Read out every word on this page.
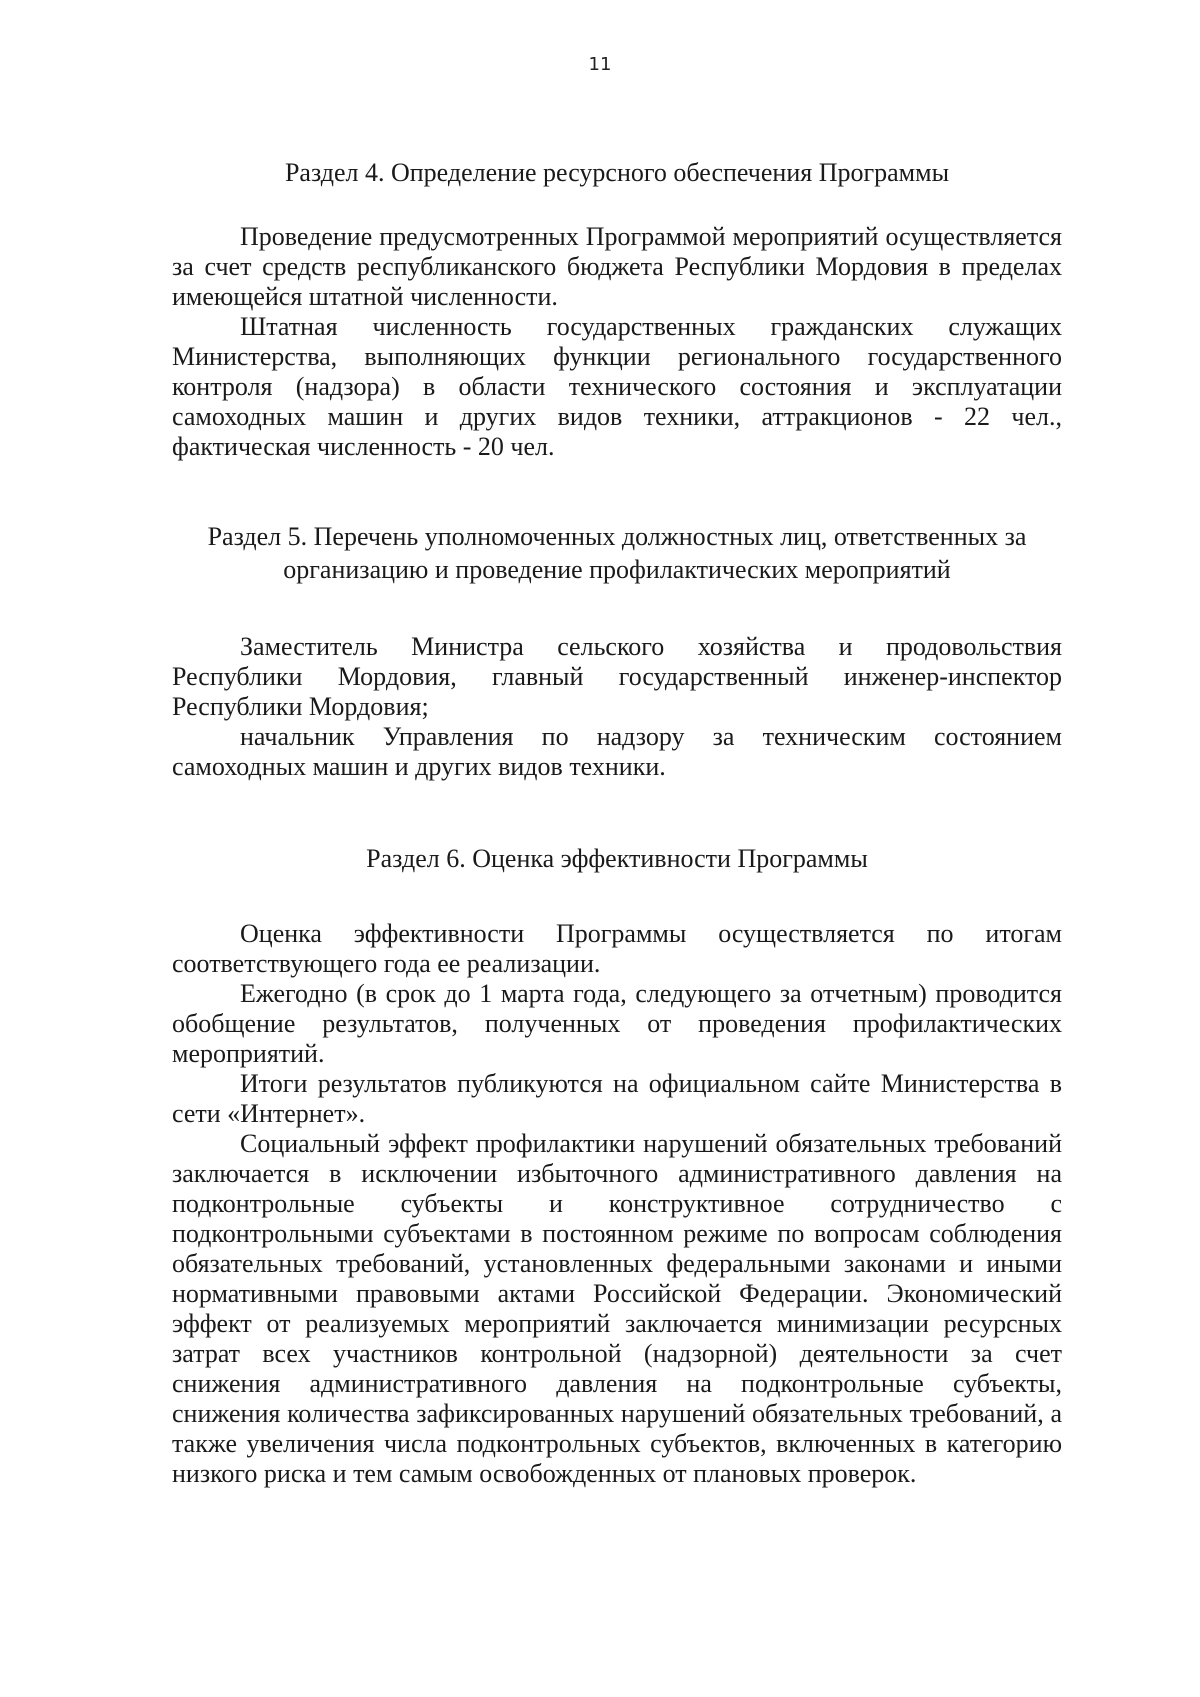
11
Раздел 4. Определение ресурсного обеспечения Программы

Проведение предусмотренных Программой мероприятий осуществляется за счет средств республиканского бюджета Республики Мордовия в пределах имеющейся штатной численности.

Штатная численность государственных гражданских служащих Министерства, выполняющих функции регионального государственного контроля (надзора) в области технического состояния и эксплуатации самоходных машин и других видов техники, аттракционов - 22 чел., фактическая численность - 20 чел.

Раздел 5. Перечень уполномоченных должностных лиц, ответственных за организацию и проведение профилактических мероприятий

Заместитель Министра сельского хозяйства и продовольствия Республики Мордовия, главный государственный инженер-инспектор Республики Мордовия;

начальник Управления по надзору за техническим состоянием самоходных машин и других видов техники.

Раздел 6. Оценка эффективности Программы

Оценка эффективности Программы осуществляется по итогам соответствующего года ее реализации.

Ежегодно (в срок до 1 марта года, следующего за отчетным) проводится обобщение результатов, полученных от проведения профилактических мероприятий.

Итоги результатов публикуются на официальном сайте Министерства в сети «Интернет».

Социальный эффект профилактики нарушений обязательных требований заключается в исключении избыточного административного давления на подконтрольные субъекты и конструктивное сотрудничество с подконтрольными субъектами в постоянном режиме по вопросам соблюдения обязательных требований, установленных федеральными законами и иными нормативными правовыми актами Российской Федерации. Экономический эффект от реализуемых мероприятий заключается минимизации ресурсных затрат всех участников контрольной (надзорной) деятельности за счет снижения административного давления на подконтрольные субъекты, снижения количества зафиксированных нарушений обязательных требований, а также увеличения числа подконтрольных субъектов, включенных в категорию низкого риска и тем самым освобожденных от плановых проверок.
